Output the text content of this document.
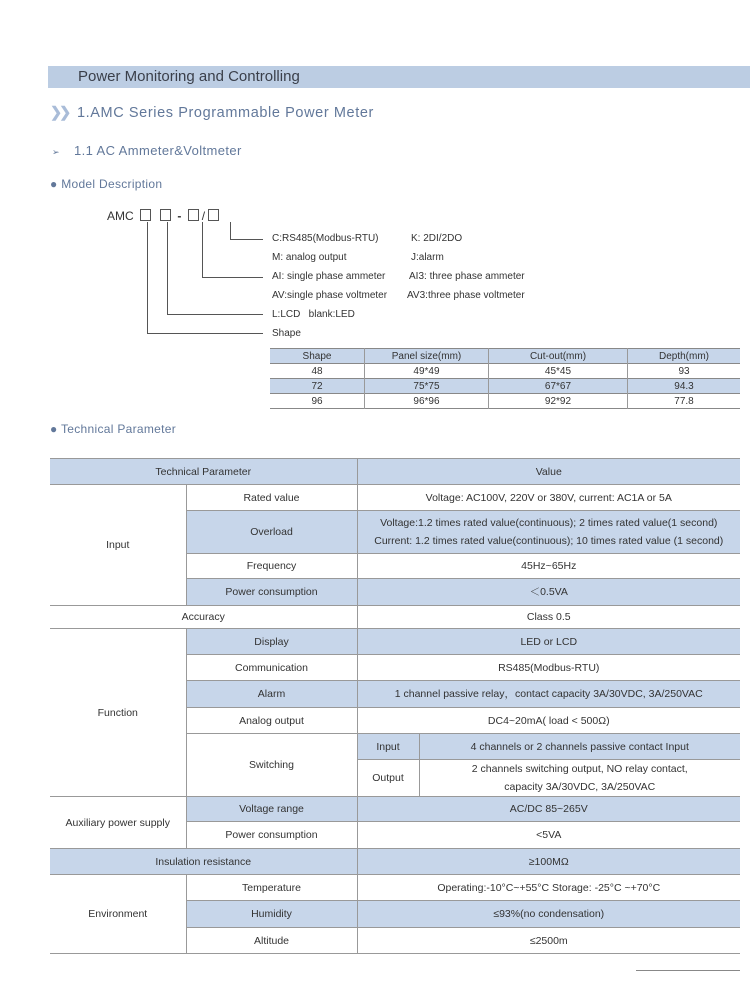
Power Monitoring and Controlling
❯❯ 1.AMC Series Programmable Power Meter
➢ 1.1 AC Ammeter&Voltmeter
● Model Description
AMC	- /
C:RS485(Modbus-RTU)	K: 2DI/2DO
M: analog output	J:alarm
AI: single phase ammeter AI3: three phase ammeter
AV:single phase voltmeter AV3:three phase voltmeter
L:LCD   blank:LED
Shape
Shape	Panel size(mm)	Cut-out(mm)	Depth(mm)
48	49*49	45*45	93
72	75*75	67*67	94.3
96	96*96	92*92	77.8
● Technical Parameter
Technical Parameter		Value	
Input	Rated value	Voltage: AC100V, 220V or 380V, current: AC1A or 5A	
	Overload	Voltage:1.2 times rated value(continuous); 2 times rated value(1 second)
Current: 1.2 times rated value(continuous); 10 times rated value (1 second)	

	Frequency	45Hz~65Hz	
	Power consumption	＜0.5VA	
Accuracy		Class 0.5	
Function	Display	LED or LCD	
	Communication	RS485(Modbus-RTU)	
	Alarm	1 channel passive relay，contact capacity 3A/30VDC, 3A/250VAC	
	Analog output	DC4~20mA( load < 500Ω)	
	Switching	Input	4 channels or 2 channels passive contact Input
		Output	2 channels switching output, NO relay contact,
capacity 3A/30VDC, 3A/250VAC

Auxiliary power supply	Voltage range	AC/DC 85~265V	
	Power consumption	<5VA	
Insulation resistance		≥100MΩ	
Environment	Temperature	Operating:-10°C~+55°C Storage: -25°C ~+70°C	
	Humidity	≤93%(no condensation)	
	Altitude	≤2500m	
